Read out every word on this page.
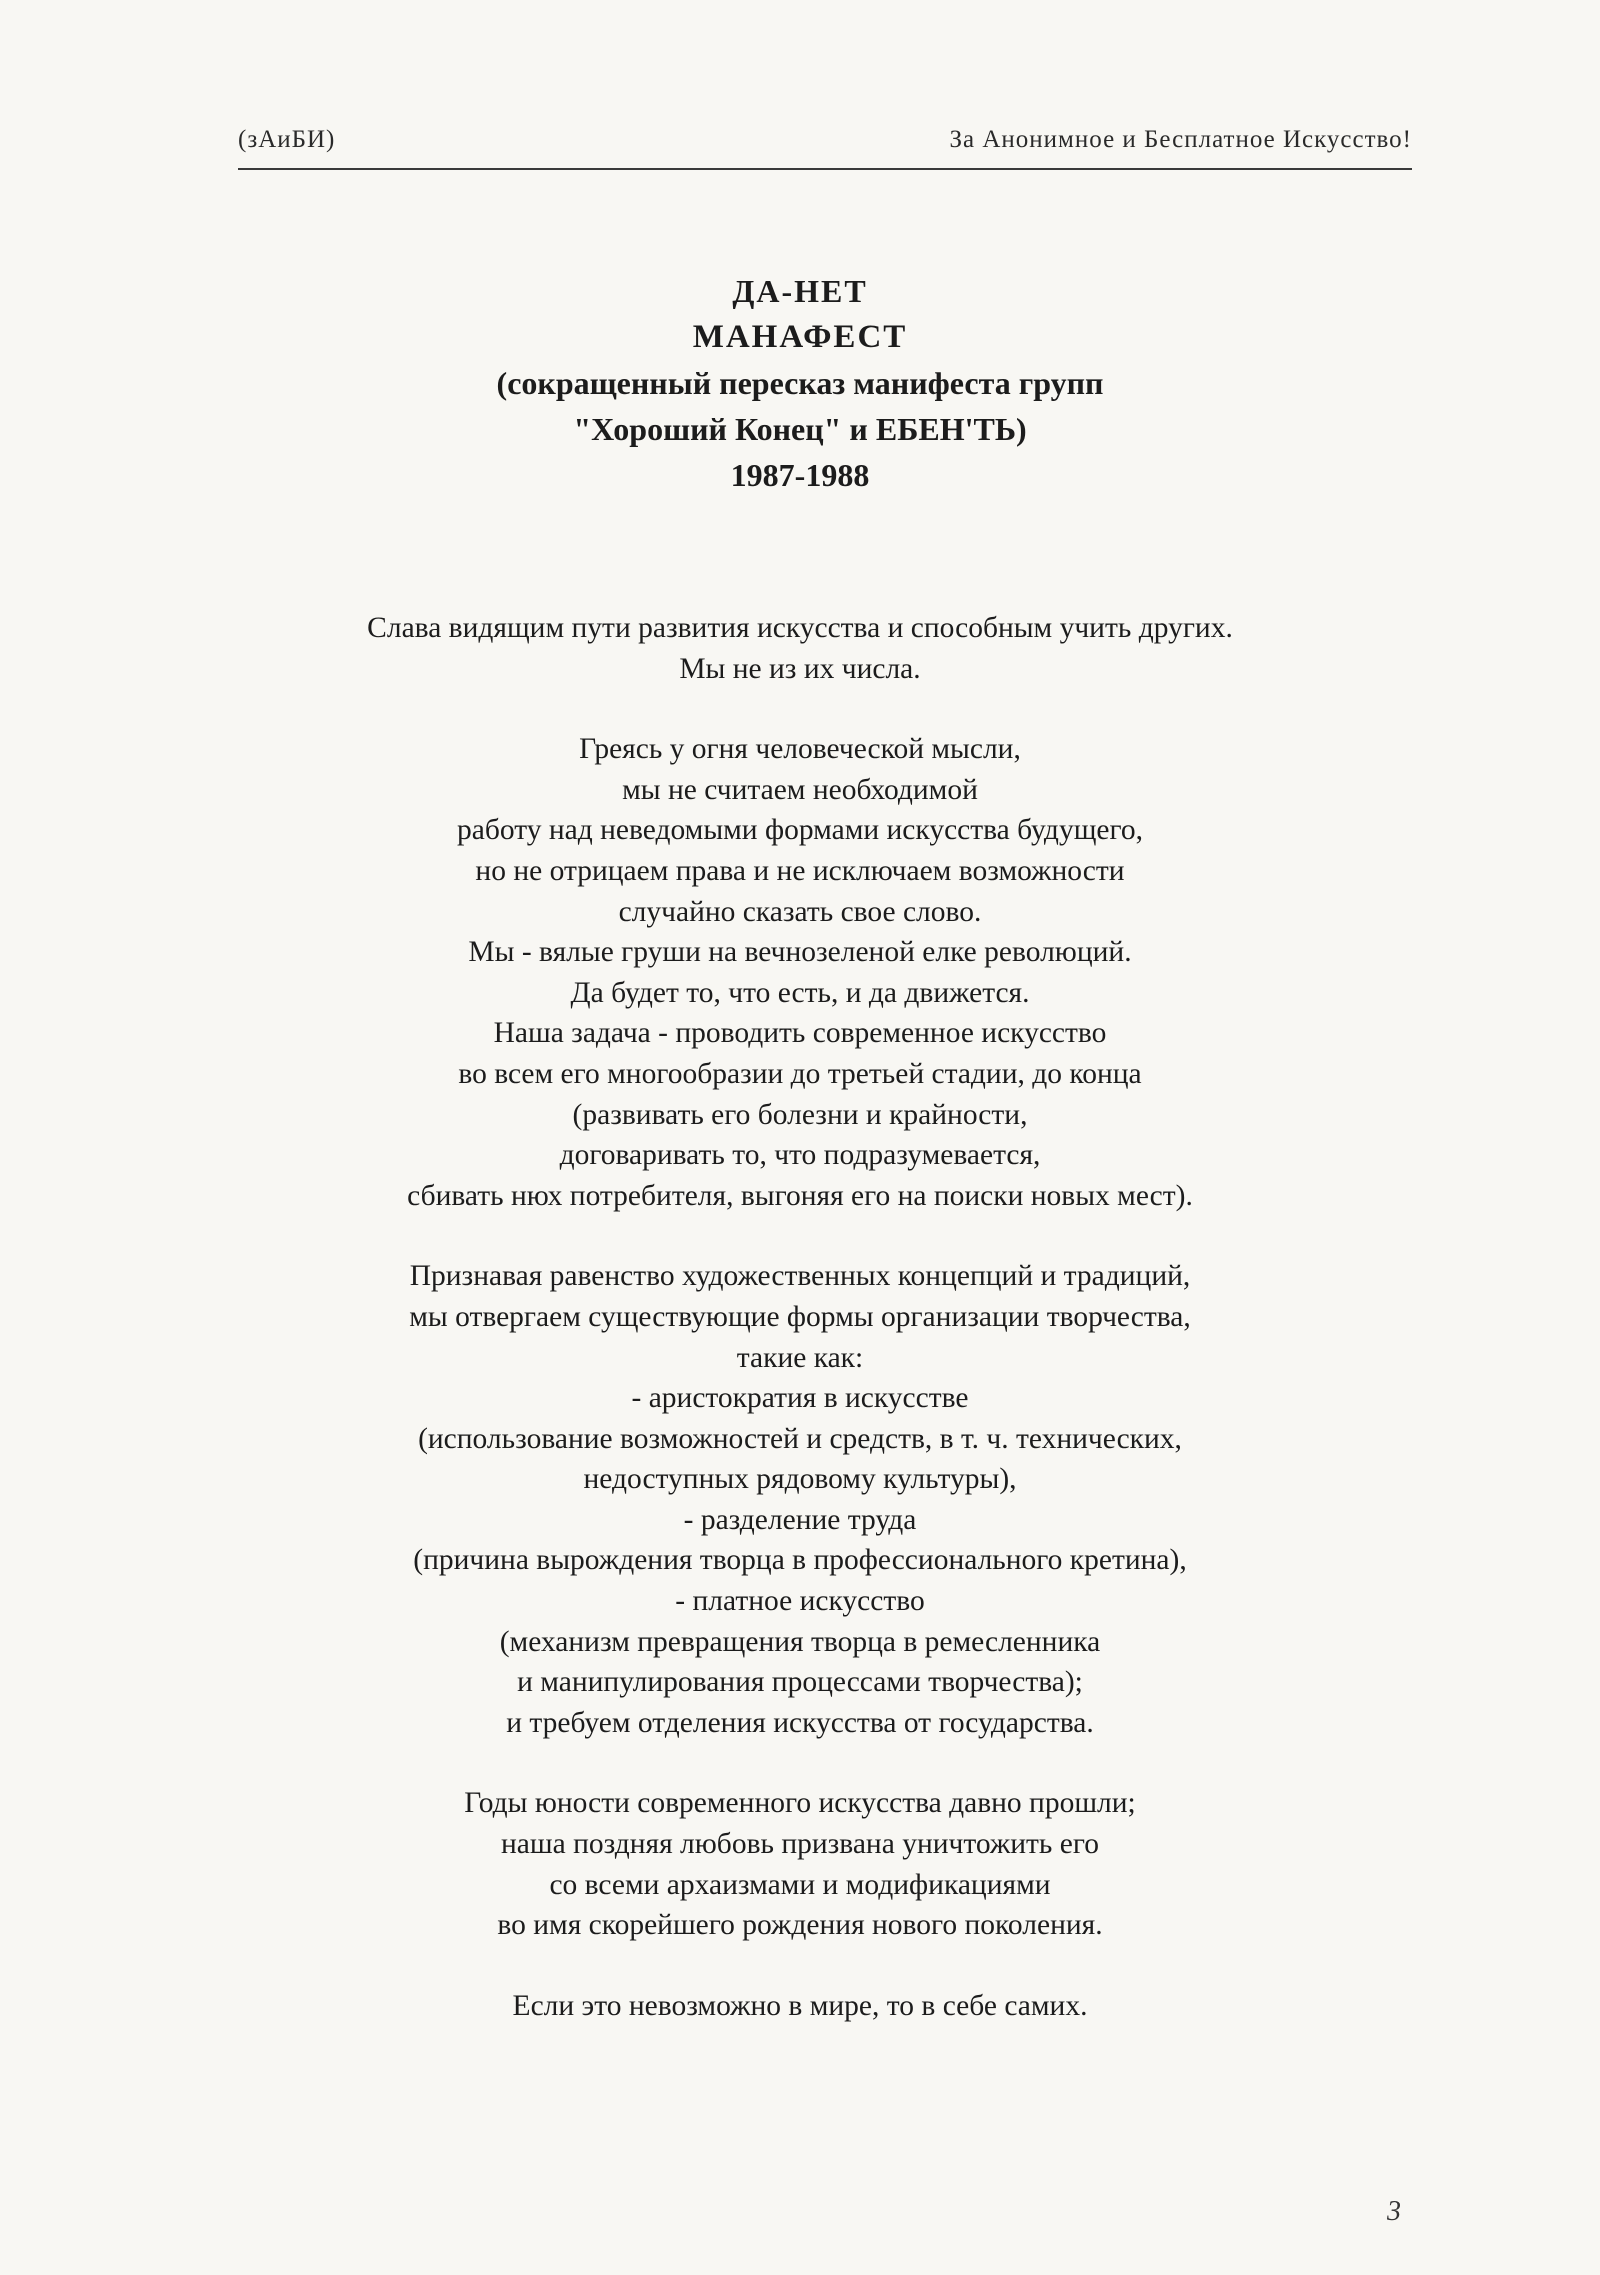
(зАиБИ)	За Анонимное и Бесплатное Искусство!
ДА-НЕТ
МАНАФЕСТ
(сокращенный пересказ манифеста групп
"Хороший Конец" и ЕБЕН'ТЬ)
1987-1988
Слава видящим пути развития искусства и способным учить других.
Мы не из их числа.
Греясь у огня человеческой мысли,
мы не считаем необходимой
работу над неведомыми формами искусства будущего,
но не отрицаем права и не исключаем возможности
случайно сказать свое слово.
Мы - вялые груши на вечнозеленой елке революций.
Да будет то, что есть, и да движется.
Наша задача - проводить современное искусство
во всем его многообразии до третьей стадии, до конца
(развивать его болезни и крайности,
договаривать то, что подразумевается,
сбивать нюх потребителя, выгоняя его на поиски новых мест).
Признавая равенство художественных концепций и традиций,
мы отвергаем существующие формы организации творчества,
такие как:
- аристократия в искусстве
(использование возможностей и средств, в т. ч. технических,
недоступных рядовому культуры),
- разделение труда
(причина вырождения творца в профессионального кретина),
- платное искусство
(механизм превращения творца в ремесленника
и манипулирования процессами творчества);
и требуем отделения искусства от государства.
Годы юности современного искусства давно прошли;
наша поздняя любовь призвана уничтожить его
со всеми архаизмами и модификациями
во имя скорейшего рождения нового поколения.
Если это невозможно в мире, то в себе самих.
3
